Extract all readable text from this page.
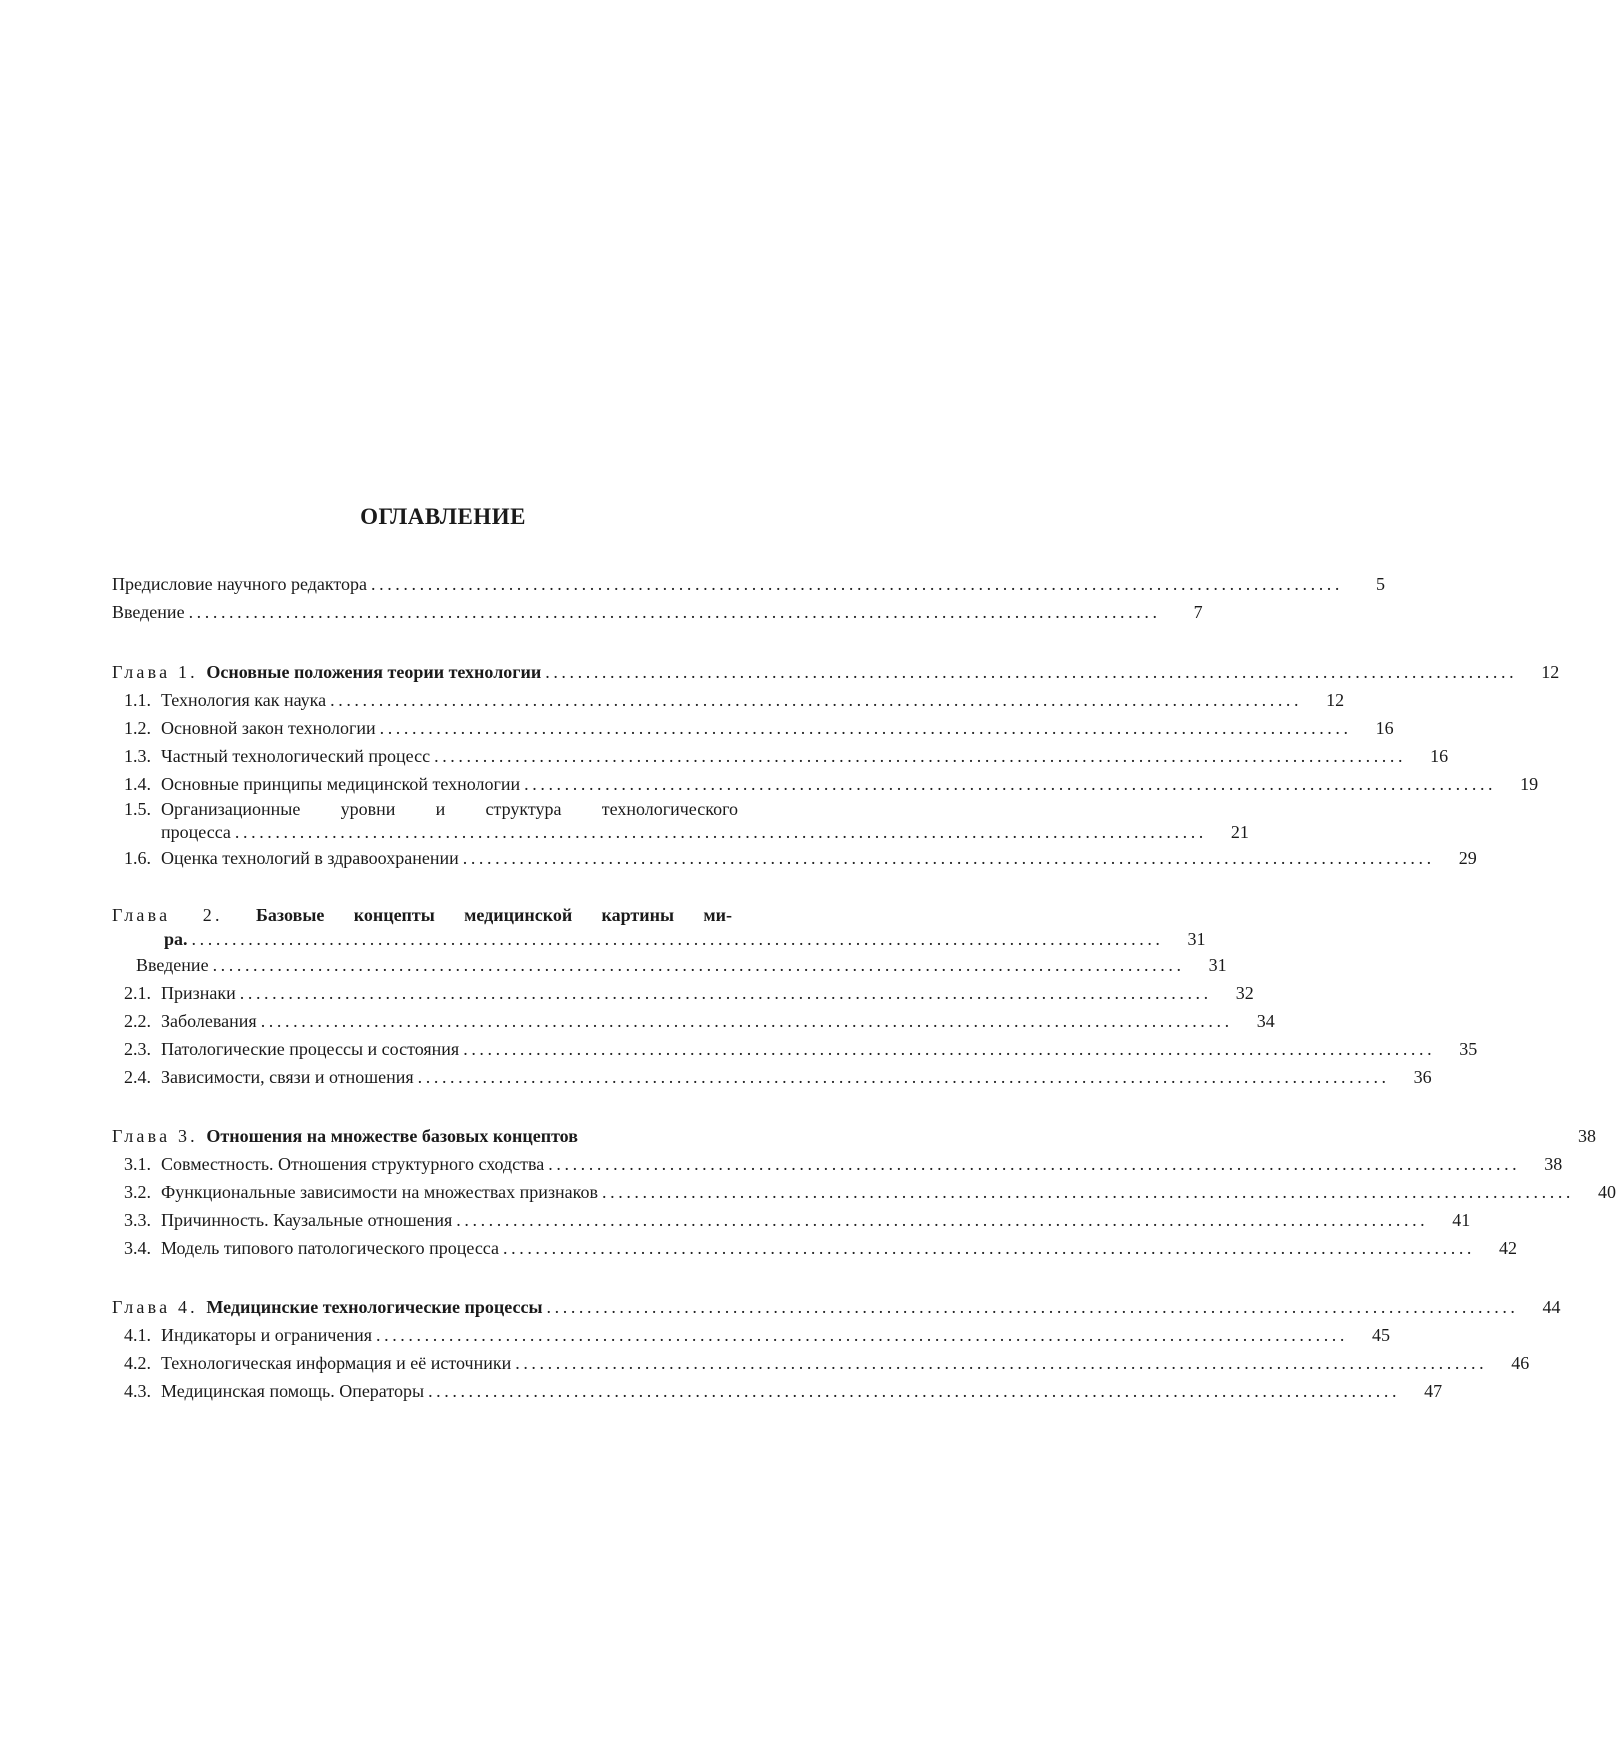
ОГЛАВЛЕНИЕ
Предисловие научного редактора ........................................................................................................................	5
Введение ........................................................................................................................	7
Глава 1. Основные положения теории технологии ........................................................................................................................	12
1.1. Технология как наука ........................................................................................................................	12
1.2. Основной закон технологии ........................................................................................................................	16
1.3. Частный технологический процесс ........................................................................................................................	16
1.4. Основные принципы медицинской технологии ........................................................................................................................	19
1.5. Организационные уровни и структура технологического
процесса ........................................................................................................................	21
1.6. Оценка технологий в здравоохранении ........................................................................................................................	29
Глава 2. Базовые концепты медицинской картины ми-
ра. ........................................................................................................................	31
Введение ........................................................................................................................	31
2.1. Признаки ........................................................................................................................	32
2.2. Заболевания ........................................................................................................................	34
2.3. Патологические процессы и состояния ........................................................................................................................	35
2.4. Зависимости, связи и отношения ........................................................................................................................	36
Глава 3. Отношения на множестве базовых концептов	38
3.1. Совместность. Отношения структурного сходства ........................................................................................................................	38
3.2. Функциональные зависимости на множествах признаков ........................................................................................................................	40
3.3. Причинность. Каузальные отношения ........................................................................................................................	41
3.4. Модель типового патологического процесса ........................................................................................................................	42
Глава 4. Медицинские технологические процессы ........................................................................................................................	44
4.1. Индикаторы и ограничения ........................................................................................................................	45
4.2. Технологическая информация и её источники ........................................................................................................................	46
4.3. Медицинская помощь. Операторы ........................................................................................................................	47
